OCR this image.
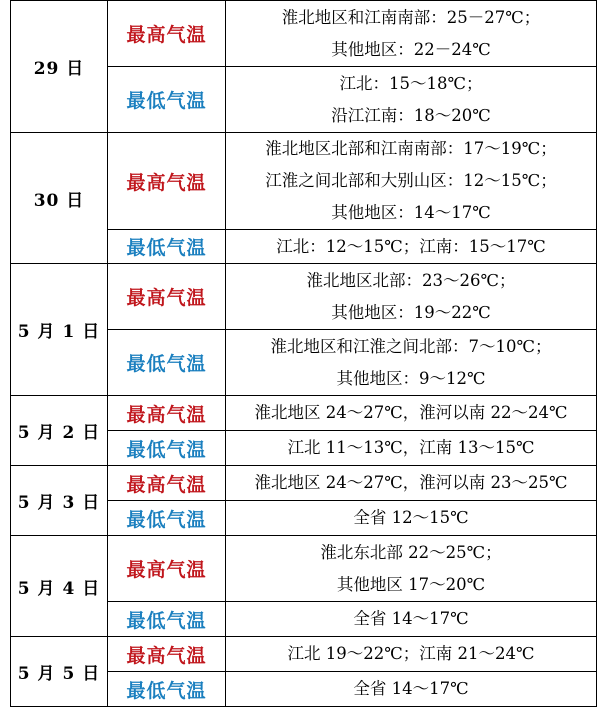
29 日	最高气温	淮北地区和江南南部：25－27℃；
其他地区：22－24℃

	最低气温	江北：15～18℃；
沿江江南：18～20℃

30 日	最高气温	淮北地区北部和江南南部：17～19℃；
江淮之间北部和大别山区：12～15℃；
其他地区：14～17℃

	最低气温	江北：12～15℃；江南：15～17℃

5 月 1 日	最高气温	淮北地区北部：23～26℃；
其他地区：19～22℃

	最低气温	淮北地区和江淮之间北部：7～10℃；
其他地区：9～12℃

5 月 2 日	最高气温	淮北地区 24～27℃，淮河以南 22～24℃

	最低气温	江北 11～13℃，江南 13～15℃

5 月 3 日	最高气温	淮北地区 24～27℃，淮河以南 23～25℃

	最低气温	全省 12～15℃

5 月 4 日	最高气温	淮北东北部 22～25℃；
其他地区 17～20℃

	最低气温	全省 14～17℃

5 月 5 日	最高气温	江北 19～22℃；江南 21～24℃

	最低气温	全省 14～17℃
